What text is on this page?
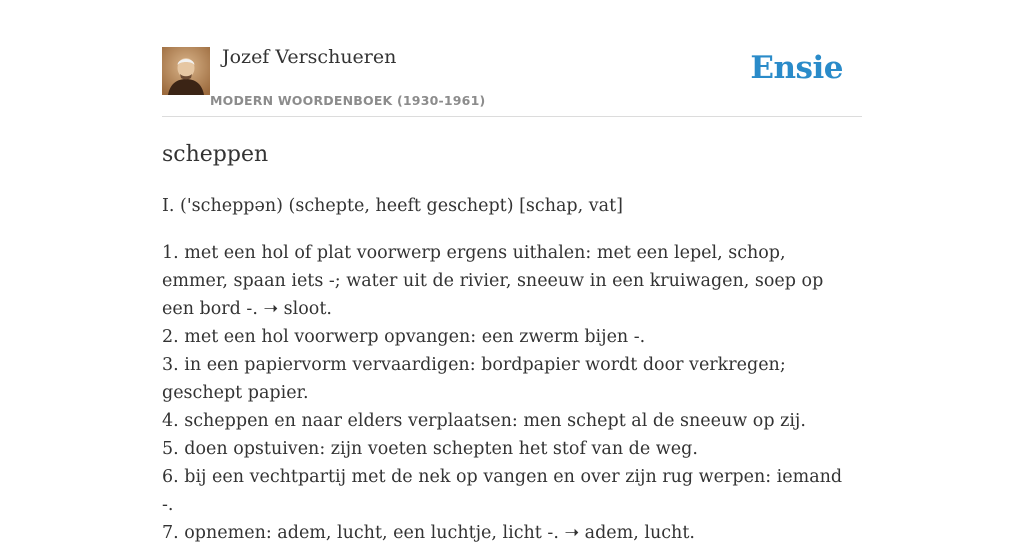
Jozef Verschueren
MODERN WOORDENBOEK (1930-1961)
Ensie
scheppen
I. ('scheppən) (schepte, heeft geschept) [schap, vat]
1. met een hol of plat voorwerp ergens uithalen: met een lepel, schop, emmer, spaan iets -; water uit de rivier, sneeuw in een kruiwagen, soep op een bord -. ➝ sloot.
2. met een hol voorwerp opvangen: een zwerm bijen -.
3. in een papiervorm vervaardigen: bordpapier wordt door verkregen; geschept papier.
4. scheppen en naar elders verplaatsen: men schept al de sneeuw op zij.
5. doen opstuiven: zijn voeten schepten het stof van de weg.
6. bij een vechtpartij met de nek op vangen en over zijn rug werpen: iemand -.
7. opnemen: adem, lucht, een luchtje, licht -. ➝ adem, lucht.
